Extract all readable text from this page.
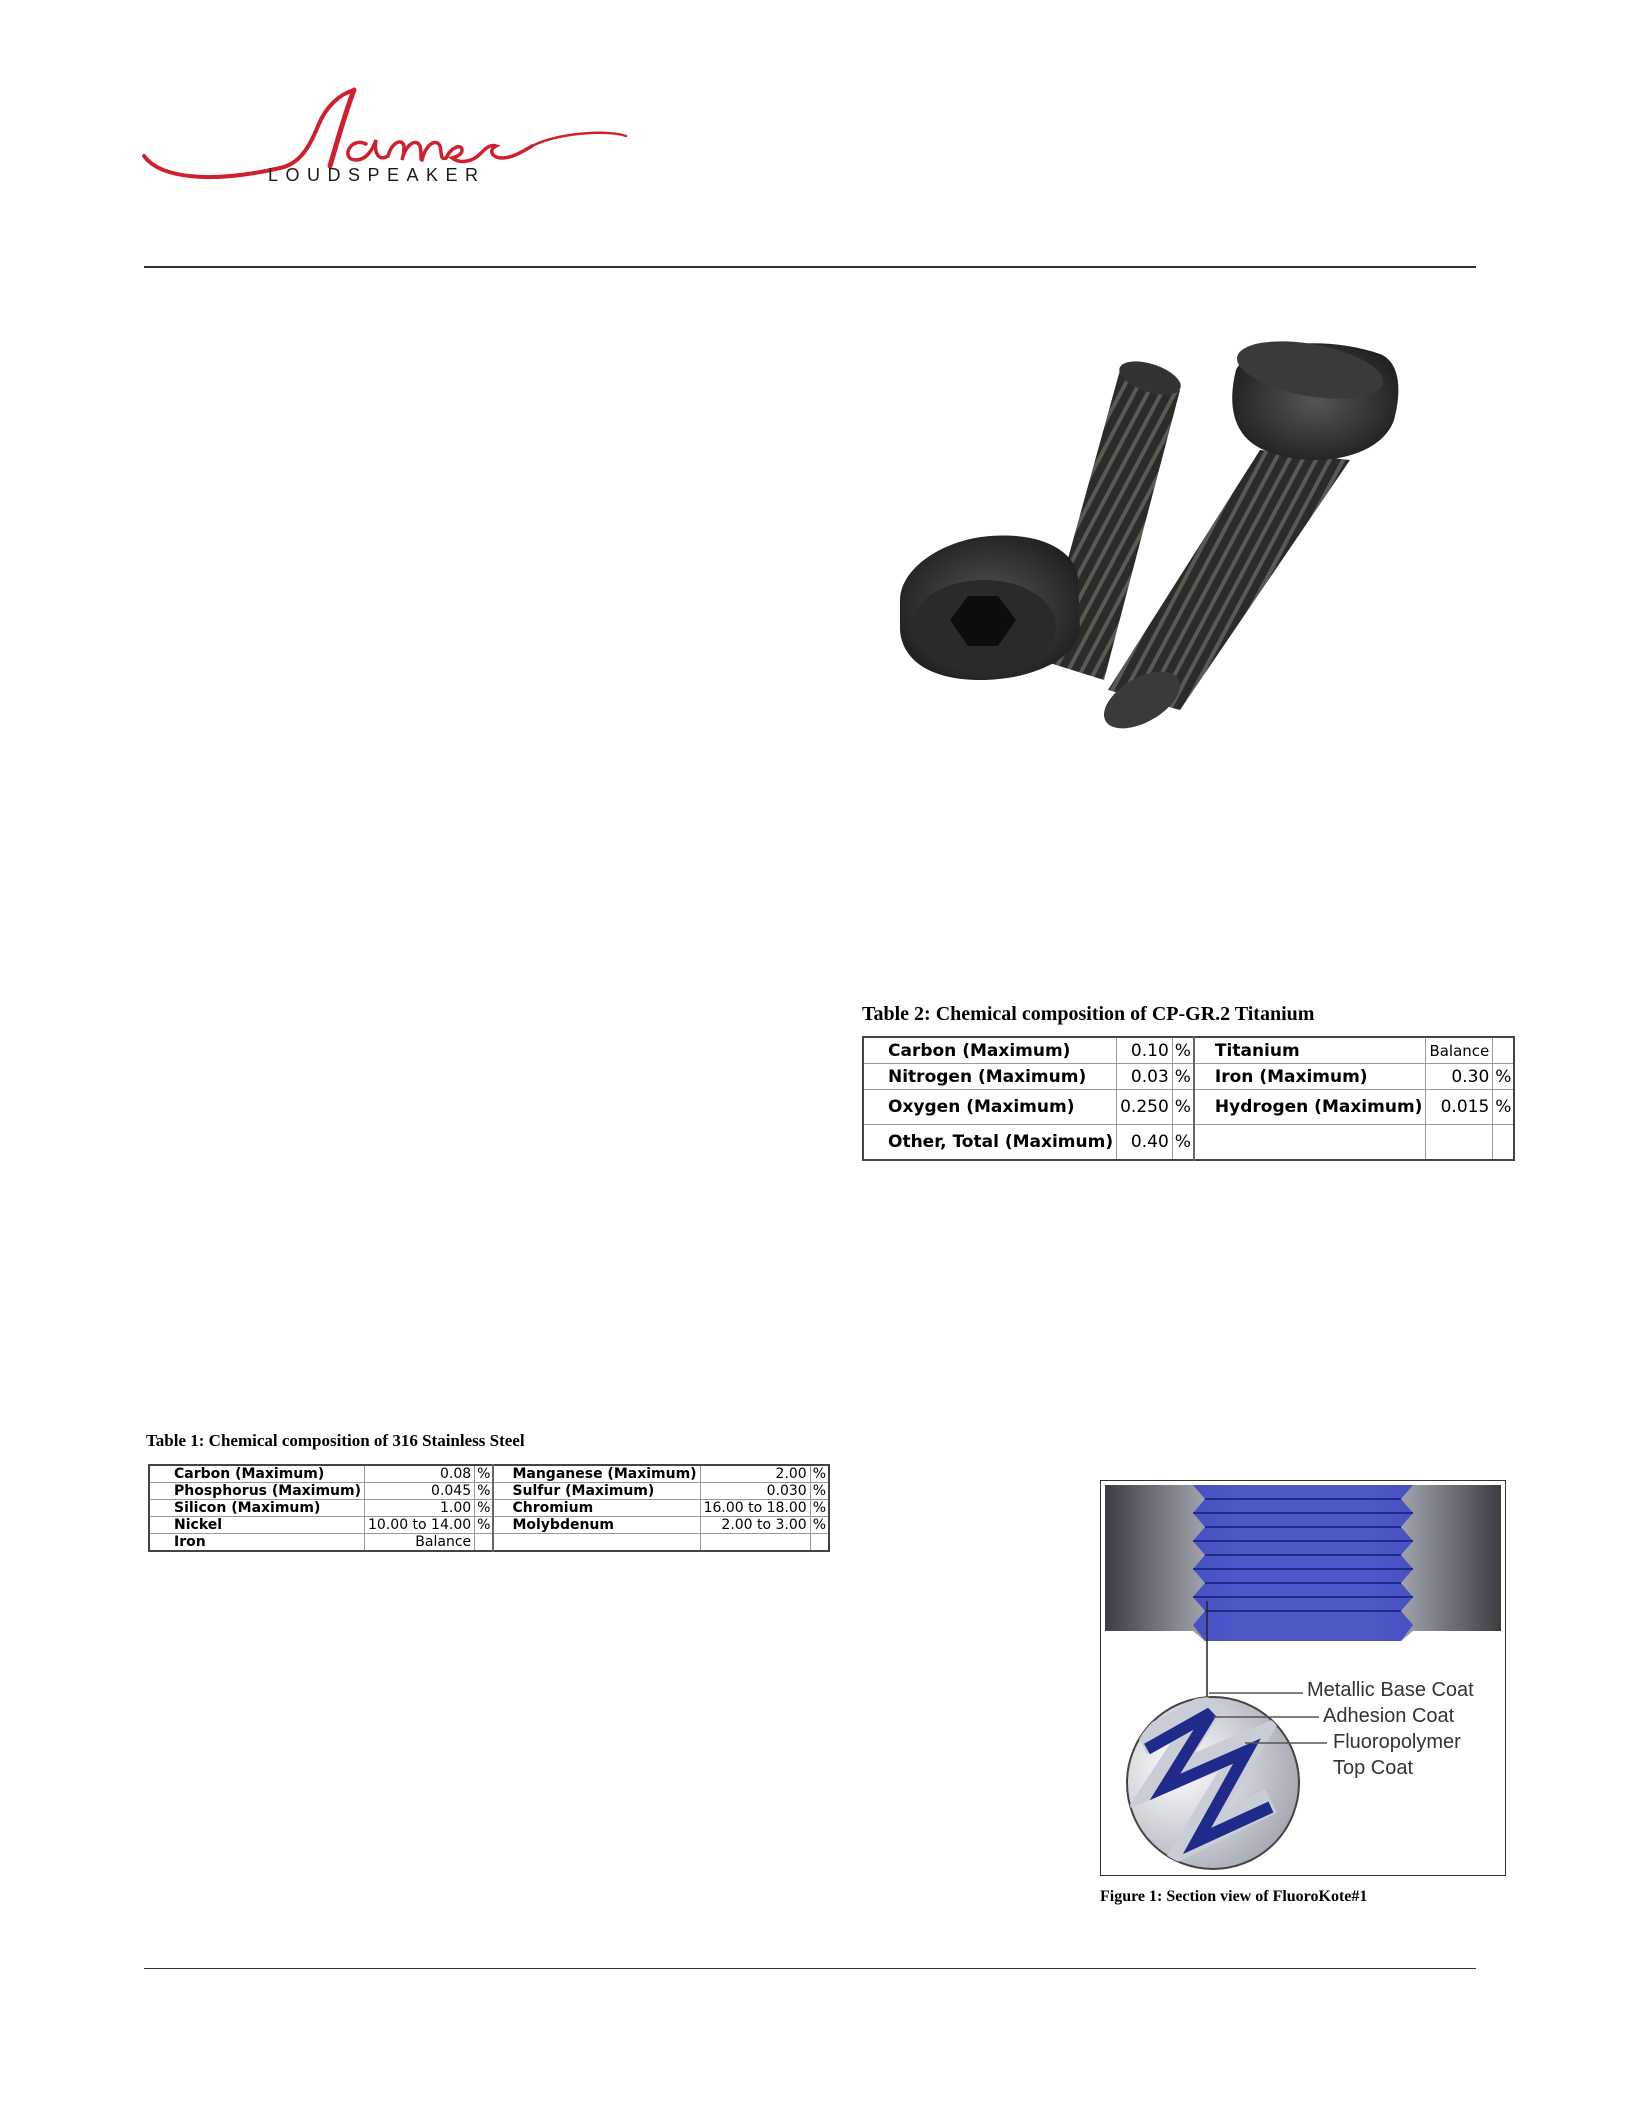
LOUDSPEAKER
Table 2: Chemical composition of CP-GR.2 Titanium
Carbon (Maximum)	0.10	%	Titanium	Balance	
Nitrogen (Maximum)	0.03	%	Iron (Maximum)	0.30	%
Oxygen (Maximum)	0.250	%	Hydrogen (Maximum)	0.015	%
Other, Total (Maximum)	0.40	%			
Table 1: Chemical composition of 316 Stainless Steel
Carbon (Maximum)	0.08	%	Manganese (Maximum)	2.00	%
Phosphorus (Maximum)	0.045	%	Sulfur (Maximum)	0.030	%
Silicon (Maximum)	1.00	%	Chromium	16.00 to 18.00	%
Nickel	10.00 to 14.00	%	Molybdenum	2.00 to 3.00	%
Iron	Balance				
Metallic Base Coat
Adhesion Coat
Fluoropolymer
Top Coat
Figure 1: Section view of FluoroKote#1
